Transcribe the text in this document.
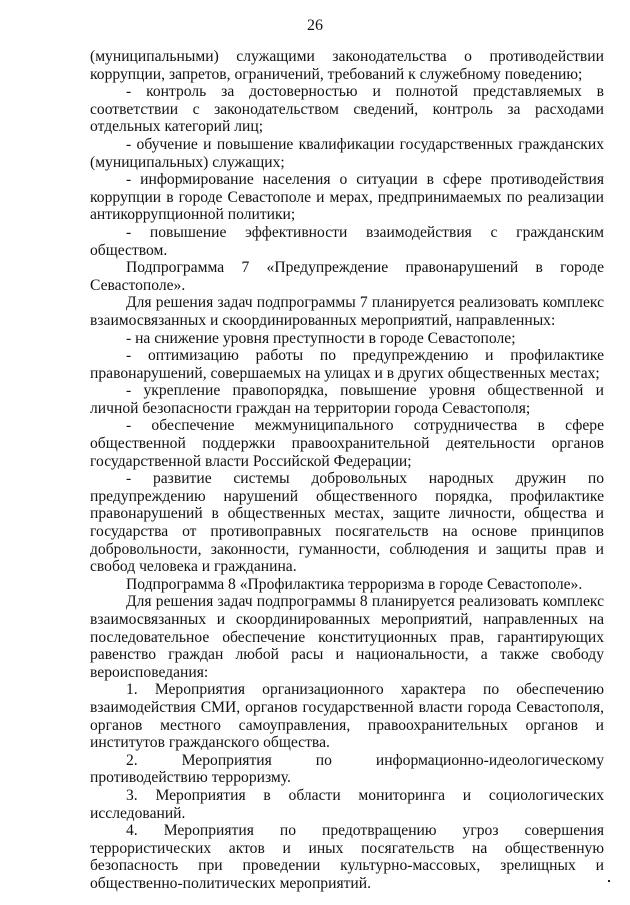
26

(муниципальными) служащими законодательства о противодействии коррупции, запретов, ограничений, требований к служебному поведению;

- контроль за достоверностью и полнотой представляемых в соответствии с законодательством сведений, контроль за расходами отдельных категорий лиц;

- обучение и повышение квалификации государственных гражданских (муниципальных) служащих;

- информирование населения о ситуации в сфере противодействия коррупции в городе Севастополе и мерах, предпринимаемых по реализации антикоррупционной политики;

- повышение эффективности взаимодействия с гражданским обществом.

Подпрограмма 7 «Предупреждение правонарушений в городе Севастополе».

Для решения задач подпрограммы 7 планируется реализовать комплекс взаимосвязанных и скоординированных мероприятий, направленных:

- на снижение уровня преступности в городе Севастополе;

- оптимизацию работы по предупреждению и профилактике правонарушений, совершаемых на улицах и в других общественных местах;

- укрепление правопорядка, повышение уровня общественной и личной безопасности граждан на территории города Севастополя;

- обеспечение межмуниципального сотрудничества в сфере общественной поддержки правоохранительной деятельности органов государственной власти Российской Федерации;

- развитие системы добровольных народных дружин по предупреждению нарушений общественного порядка, профилактике правонарушений в общественных местах, защите личности, общества и государства от противоправных посягательств на основе принципов добровольности, законности, гуманности, соблюдения и защиты прав и свобод человека и гражданина.

Подпрограмма 8 «Профилактика терроризма в городе Севастополе».

Для решения задач подпрограммы 8 планируется реализовать комплекс взаимосвязанных и скоординированных мероприятий, направленных на последовательное обеспечение конституционных прав, гарантирующих равенство граждан любой расы и национальности, а также свободу вероисповедания:

1. Мероприятия организационного характера по обеспечению взаимодействия СМИ, органов государственной власти города Севастополя, органов местного самоуправления, правоохранительных органов и институтов гражданского общества.

2. Мероприятия по информационно-идеологическому противодействию терроризму.

3. Мероприятия в области мониторинга и социологических исследований.

4. Мероприятия по предотвращению угроз совершения террористических актов и иных посягательств на общественную безопасность при проведении культурно-массовых, зрелищных и общественно-политических мероприятий.
